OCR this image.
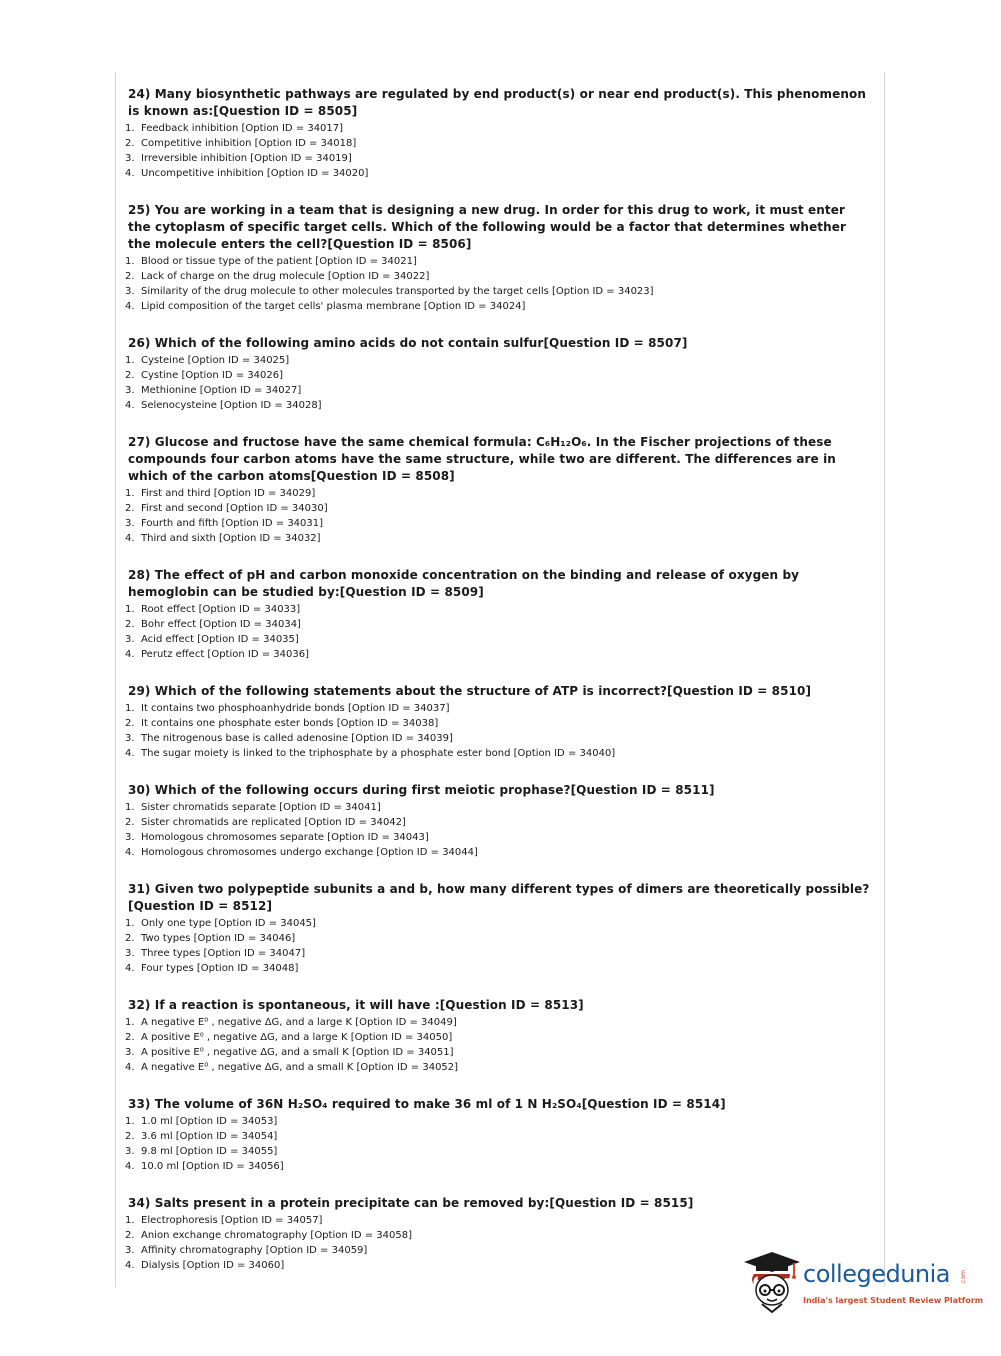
24) Many biosynthetic pathways are regulated by end product(s) or near end product(s). This phenomenon is known as:[Question ID = 8505]
1. Feedback inhibition [Option ID = 34017]
2. Competitive inhibition [Option ID = 34018]
3. Irreversible inhibition [Option ID = 34019]
4. Uncompetitive inhibition [Option ID = 34020]
25) You are working in a team that is designing a new drug. In order for this drug to work, it must enter the cytoplasm of specific target cells. Which of the following would be a factor that determines whether the molecule enters the cell?[Question ID = 8506]
1. Blood or tissue type of the patient [Option ID = 34021]
2. Lack of charge on the drug molecule [Option ID = 34022]
3. Similarity of the drug molecule to other molecules transported by the target cells [Option ID = 34023]
4. Lipid composition of the target cells' plasma membrane [Option ID = 34024]
26) Which of the following amino acids do not contain sulfur[Question ID = 8507]
1. Cysteine [Option ID = 34025]
2. Cystine [Option ID = 34026]
3. Methionine [Option ID = 34027]
4. Selenocysteine [Option ID = 34028]
27) Glucose and fructose have the same chemical formula: C₆H₁₂O₆. In the Fischer projections of these compounds four carbon atoms have the same structure, while two are different. The differences are in which of the carbon atoms[Question ID = 8508]
1. First and third [Option ID = 34029]
2. First and second [Option ID = 34030]
3. Fourth and fifth [Option ID = 34031]
4. Third and sixth [Option ID = 34032]
28) The effect of pH and carbon monoxide concentration on the binding and release of oxygen by hemoglobin can be studied by:[Question ID = 8509]
1. Root effect [Option ID = 34033]
2. Bohr effect [Option ID = 34034]
3. Acid effect [Option ID = 34035]
4. Perutz effect [Option ID = 34036]
29) Which of the following statements about the structure of ATP is incorrect?[Question ID = 8510]
1. It contains two phosphoanhydride bonds [Option ID = 34037]
2. It contains one phosphate ester bonds [Option ID = 34038]
3. The nitrogenous base is called adenosine [Option ID = 34039]
4. The sugar moiety is linked to the triphosphate by a phosphate ester bond [Option ID = 34040]
30) Which of the following occurs during first meiotic prophase?[Question ID = 8511]
1. Sister chromatids separate [Option ID = 34041]
2. Sister chromatids are replicated [Option ID = 34042]
3. Homologous chromosomes separate [Option ID = 34043]
4. Homologous chromosomes undergo exchange [Option ID = 34044]
31) Given two polypeptide subunits a and b, how many different types of dimers are theoretically possible?[Question ID = 8512]
1. Only one type [Option ID = 34045]
2. Two types [Option ID = 34046]
3. Three types [Option ID = 34047]
4. Four types [Option ID = 34048]
32) If a reaction is spontaneous, it will have :[Question ID = 8513]
1. A negative E⁰ , negative ΔG, and a large K [Option ID = 34049]
2. A positive E⁰ , negative ΔG, and a large K [Option ID = 34050]
3. A positive E⁰ , negative ΔG, and a small K [Option ID = 34051]
4. A negative E⁰ , negative ΔG, and a small K [Option ID = 34052]
33) The volume of 36N H₂SO₄ required to make 36 ml of 1 N H₂SO₄[Question ID = 8514]
1. 1.0 ml [Option ID = 34053]
2. 3.6 ml [Option ID = 34054]
3. 9.8 ml [Option ID = 34055]
4. 10.0 ml [Option ID = 34056]
34) Salts present in a protein precipitate can be removed by:[Question ID = 8515]
1. Electrophoresis [Option ID = 34057]
2. Anion exchange chromatography [Option ID = 34058]
3. Affinity chromatography [Option ID = 34059]
4. Dialysis [Option ID = 34060]	collegedunia .com
India's largest Student Review Platform
